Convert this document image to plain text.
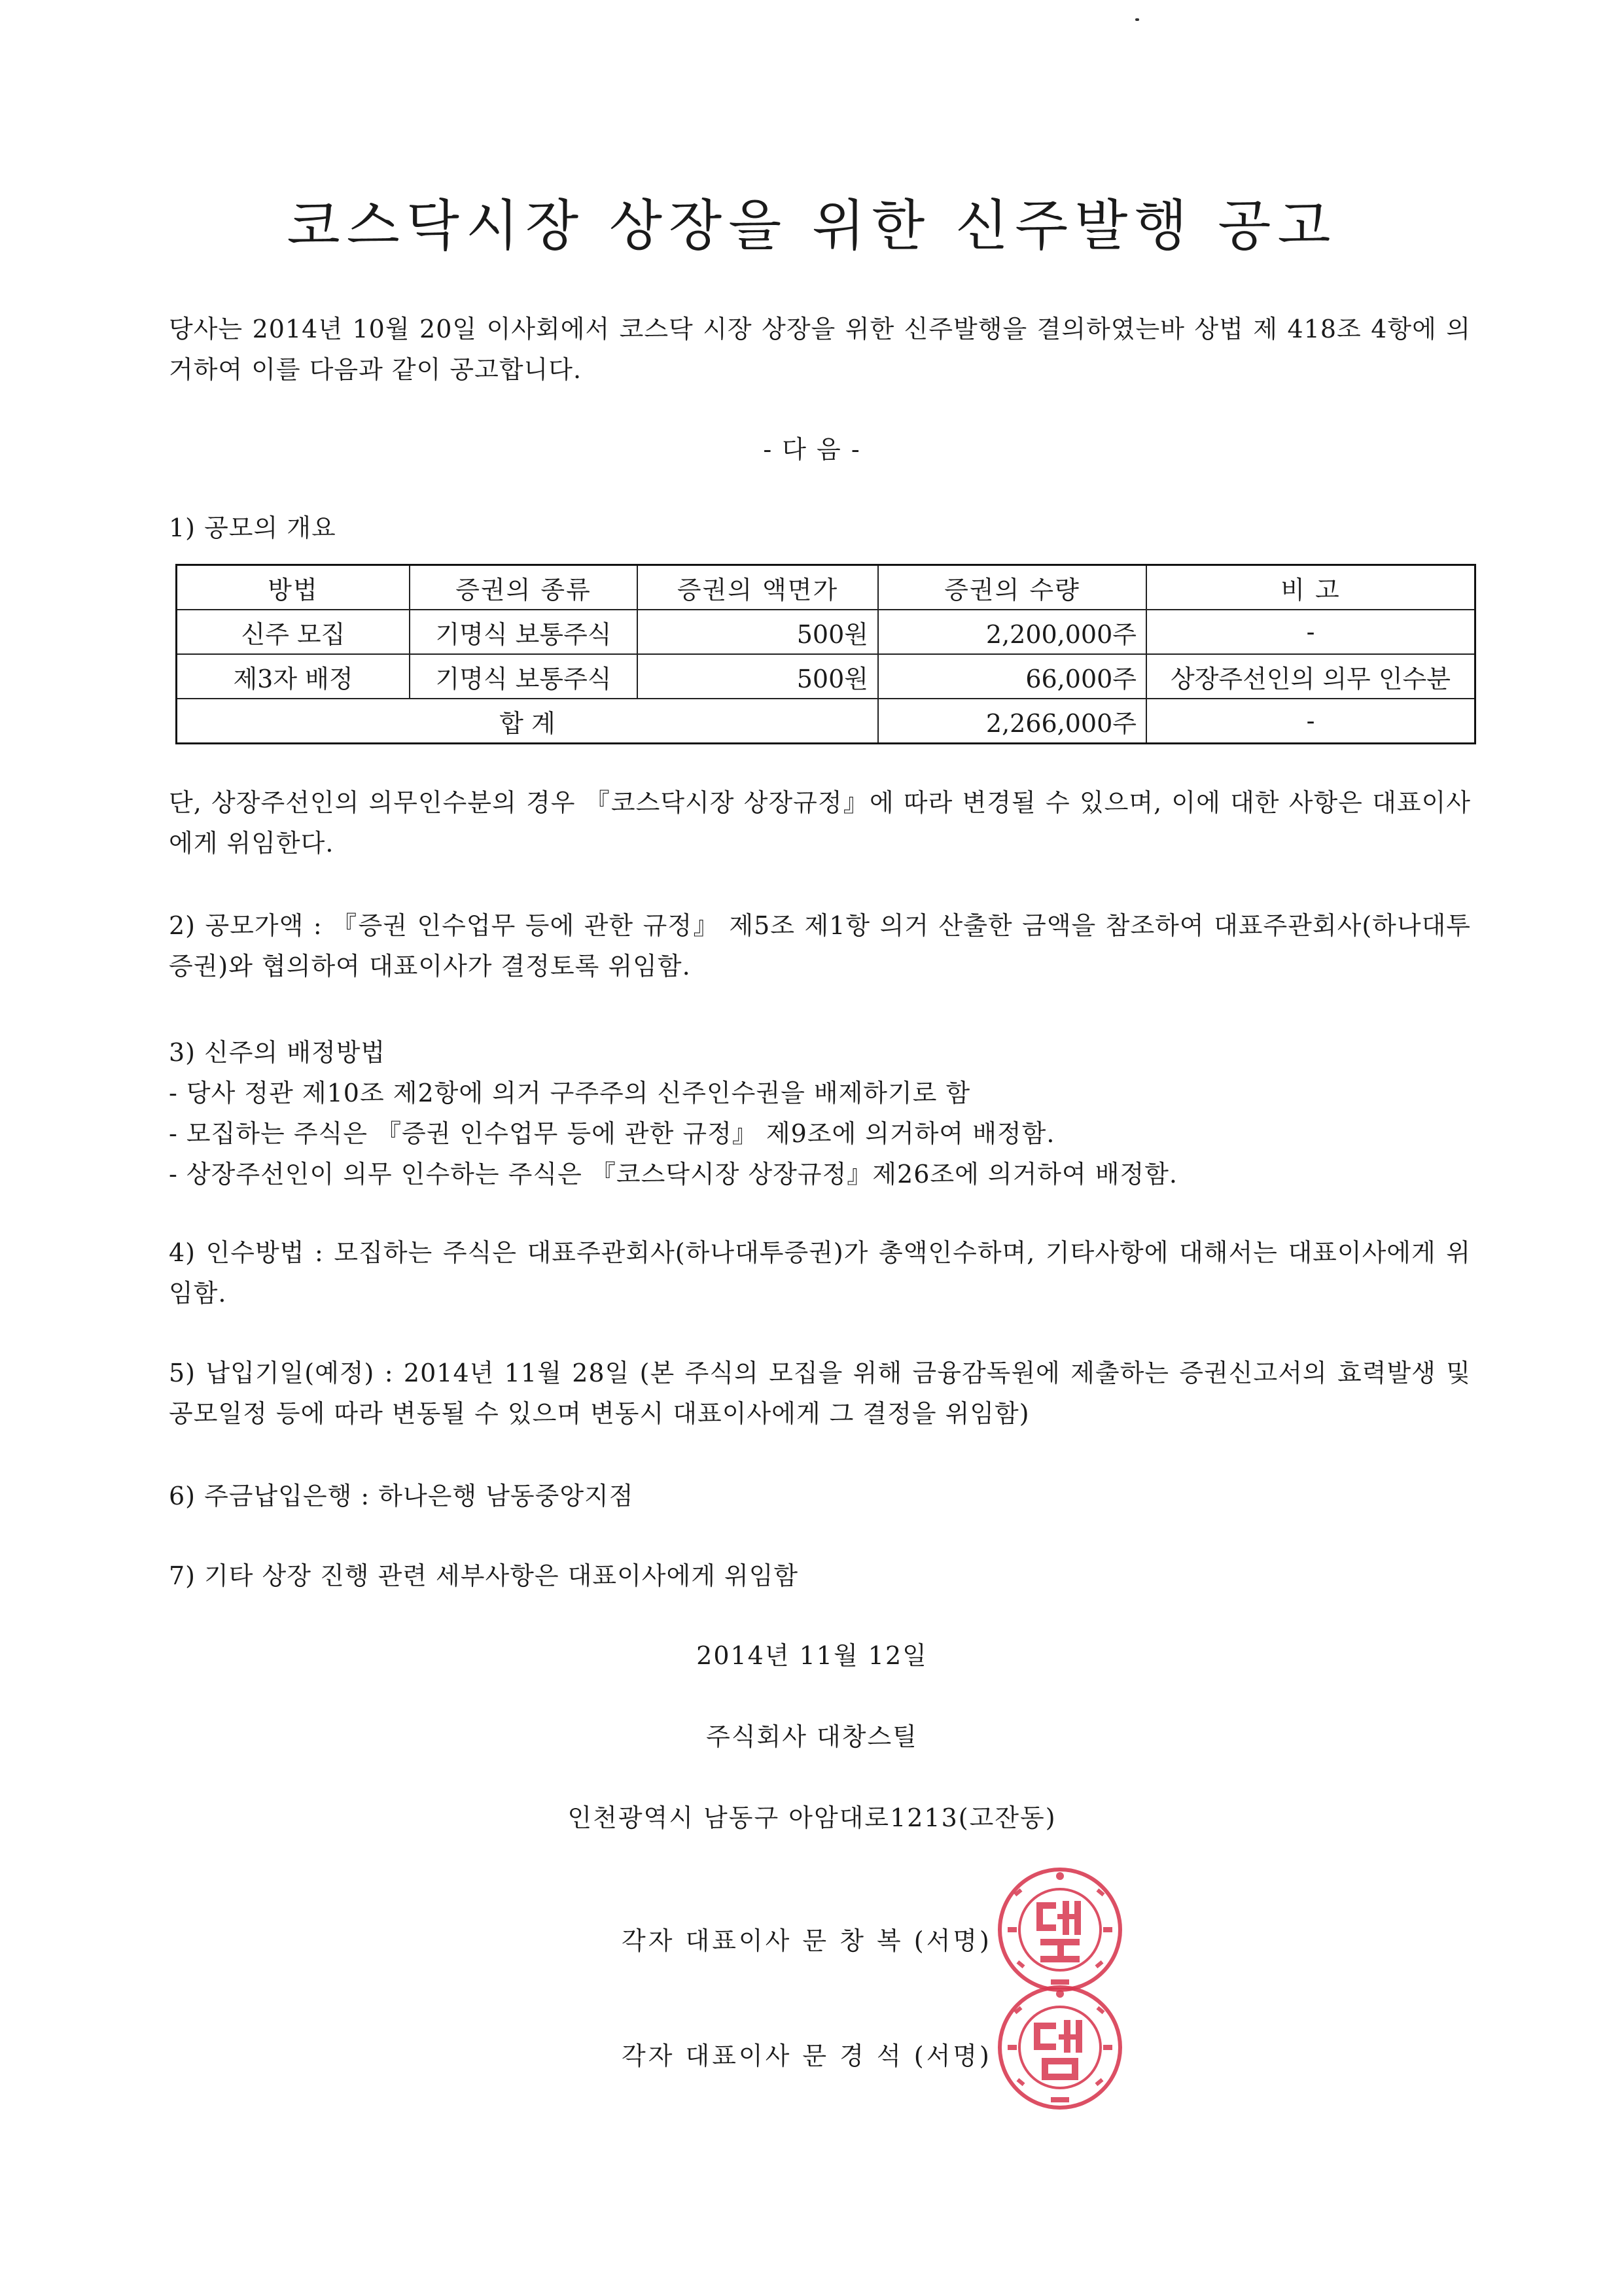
코스닥시장 상장을 위한 신주발행 공고
당사는 2014년 10월 20일 이사회에서 코스닥 시장 상장을 위한 신주발행을 결의하였는바 상법 제 418조 4항에 의거하여 이를 다음과 같이 공고합니다.
- 다 음 -
1) 공모의 개요
방법	증권의 종류	증권의 액면가	증권의 수량	비 고
신주 모집	기명식 보통주식	500원	2,200,000주	-
제3자 배정	기명식 보통주식	500원	66,000주	상장주선인의 의무 인수분
합 계			2,266,000주	-
단, 상장주선인의 의무인수분의 경우 『코스닥시장 상장규정』에 따라 변경될 수 있으며, 이에 대한 사항은 대표이사에게 위임한다.
2) 공모가액 : 『증권 인수업무 등에 관한 규정』 제5조 제1항 의거 산출한 금액을 참조하여 대표주관회사(하나대투증권)와 협의하여 대표이사가 결정토록 위임함.
3) 신주의 배정방법
- 당사 정관 제10조 제2항에 의거 구주주의 신주인수권을 배제하기로 함
- 모집하는 주식은 『증권 인수업무 등에 관한 규정』 제9조에 의거하여 배정함.
- 상장주선인이 의무 인수하는 주식은 『코스닥시장 상장규정』제26조에 의거하여 배정함.
4) 인수방법 : 모집하는 주식은 대표주관회사(하나대투증권)가 총액인수하며, 기타사항에 대해서는 대표이사에게 위임함.
5) 납입기일(예정) : 2014년 11월 28일 (본 주식의 모집을 위해 금융감독원에 제출하는 증권신고서의 효력발생 및 공모일정 등에 따라 변동될 수 있으며 변동시 대표이사에게 그 결정을 위임함)
6) 주금납입은행 : 하나은행 남동중앙지점
7) 기타 상장 진행 관련 세부사항은 대표이사에게 위임함
2014년 11월 12일
주식회사 대창스틸
인천광역시 남동구 아암대로1213(고잔동)
각자 대표이사 문 창 복 (서명)
각자 대표이사 문 경 석 (서명)
